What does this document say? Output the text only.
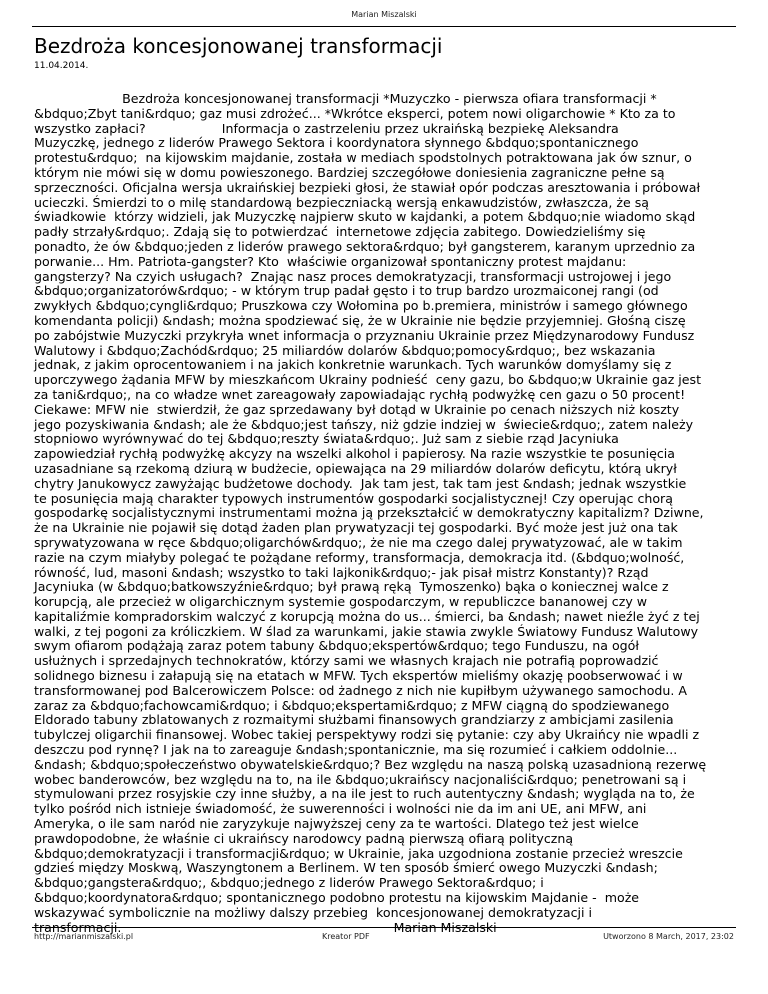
Marian Miszalski
Bezdroża koncesjonowanej transformacji
11.04.2014.
Bezdroża koncesjonowanej transformacji *Muzyczko - pierwsza ofiara transformacji *
&bdquo;Zbyt tani&rdquo; gaz musi zdrożeć... *Wkrótce eksperci, potem nowi oligarchowie * Kto za to
wszystko zapłaci?                   Informacja o zastrzeleniu przez ukraińską bezpiekę Aleksandra
Muzyczkę, jednego z liderów Prawego Sektora i koordynatora słynnego &bdquo;spontanicznego
protestu&rdquo;  na kijowskim majdanie, została w mediach spodstolnych potraktowana jak ów sznur, o
którym nie mówi się w domu powieszonego. Bardziej szczegółowe doniesienia zagraniczne pełne są
sprzeczności. Oficjalna wersja ukraińskiej bezpieki głosi, że stawiał opór podczas aresztowania i próbował
ucieczki. Śmierdzi to o milę standardową bezpieczniacką wersją enkawudzistów, zwłaszcza, że są
świadkowie  którzy widzieli, jak Muzyczkę najpierw skuto w kajdanki, a potem &bdquo;nie wiadomo skąd
padły strzały&rdquo;. Zdają się to potwierdzać  internetowe zdjęcia zabitego. Dowiedzieliśmy się
ponadto, że ów &bdquo;jeden z liderów prawego sektora&rdquo; był gangsterem, karanym uprzednio za
porwanie... Hm. Patriota-gangster? Kto  właściwie organizował spontaniczny protest majdanu:
gangsterzy? Na czyich usługach?  Znając nasz proces demokratyzacji, transformacji ustrojowej i jego
&bdquo;organizatorów&rdquo; - w którym trup padał gęsto i to trup bardzo urozmaiconej rangi (od
zwykłych &bdquo;cyngli&rdquo; Pruszkowa czy Wołomina po b.premiera, ministrów i samego głównego
komendanta policji) &ndash; można spodziewać się, że w Ukrainie nie będzie przyjemniej. Głośną ciszę
po zabójstwie Muzyczki przykryła wnet informacja o przyznaniu Ukrainie przez Międzynarodowy Fundusz
Walutowy i &bdquo;Zachód&rdquo; 25 miliardów dolarów &bdquo;pomocy&rdquo;, bez wskazania
jednak, z jakim oprocentowaniem i na jakich konkretnie warunkach. Tych warunków domyślamy się z
uporczywego żądania MFW by mieszkańcom Ukrainy podnieść  ceny gazu, bo &bdquo;w Ukrainie gaz jest
za tani&rdquo;, na co władze wnet zareagowały zapowiadając rychłą podwyżkę cen gazu o 50 procent!
Ciekawe: MFW nie  stwierdził, że gaz sprzedawany był dotąd w Ukrainie po cenach niższych niż koszty
jego pozyskiwania &ndash; ale że &bdquo;jest tańszy, niż gdzie indziej w  świecie&rdquo;, zatem należy
stopniowo wyrównywać do tej &bdquo;reszty świata&rdquo;. Już sam z siebie rząd Jacyniuka
zapowiedział rychłą podwyżkę akcyzy na wszelki alkohol i papierosy. Na razie wszystkie te posunięcia
uzasadniane są rzekomą dziurą w budżecie, opiewająca na 29 miliardów dolarów deficytu, którą ukrył
chytry Janukowycz zawyżając budżetowe dochody.  Jak tam jest, tak tam jest &ndash; jednak wszystkie
te posunięcia mają charakter typowych instrumentów gospodarki socjalistycznej! Czy operując chorą
gospodarkę socjalistycznymi instrumentami można ją przekształcić w demokratyczny kapitalizm? Dziwne,
że na Ukrainie nie pojawił się dotąd żaden plan prywatyzacji tej gospodarki. Być może jest już ona tak
sprywatyzowana w ręce &bdquo;oligarchów&rdquo;, że nie ma czego dalej prywatyzować, ale w takim
razie na czym miałyby polegać te pożądane reformy, transformacja, demokracja itd. (&bdquo;wolność,
równość, lud, masoni &ndash; wszystko to taki lajkonik&rdquo;- jak pisał mistrz Konstanty)? Rząd
Jacyniuka (w &bdquo;batkowszyźnie&rdquo; był prawą ręką  Tymoszenko) bąka o koniecznej walce z
korupcją, ale przecież w oligarchicznym systemie gospodarczym, w republiczce bananowej czy w
kapitaliźmie kompradorskim walczyć z korupcją można do us... śmierci, ba &ndash; nawet nieźle żyć z tej
walki, z tej pogoni za króliczkiem. W ślad za warunkami, jakie stawia zwykle Światowy Fundusz Walutowy
swym ofiarom podążają zaraz potem tabuny &bdquo;ekspertów&rdquo; tego Funduszu, na ogół
usłużnych i sprzedajnych technokratów, którzy sami we własnych krajach nie potrafią poprowadzić
solidnego biznesu i załapują się na etatach w MFW. Tych ekspertów mieliśmy okazję poobserwować i w
transformowanej pod Balcerowiczem Polsce: od żadnego z nich nie kupiłbym używanego samochodu. A
zaraz za &bdquo;fachowcami&rdquo; i &bdquo;ekspertami&rdquo; z MFW ciągną do spodziewanego
Eldorado tabuny zblatowanych z rozmaitymi służbami finansowych grandziarzy z ambicjami zasilenia
tubylczej oligarchii finansowej. Wobec takiej perspektywy rodzi się pytanie: czy aby Ukraińcy nie wpadli z
deszczu pod rynnę? I jak na to zareaguje &ndash;spontanicznie, ma się rozumieć i całkiem oddolnie...
&ndash; &bdquo;społeczeństwo obywatelskie&rdquo;? Bez względu na naszą polską uzasadnioną rezerwę
wobec banderowców, bez względu na to, na ile &bdquo;ukraińscy nacjonaliści&rdquo; penetrowani są i
stymulowani przez rosyjskie czy inne służby, a na ile jest to ruch autentyczny &ndash; wygląda na to, że
tylko pośród nich istnieje świadomość, że suwerenności i wolności nie da im ani UE, ani MFW, ani
Ameryka, o ile sam naród nie zaryzykuje najwyższej ceny za te wartości. Dlatego też jest wielce
prawdopodobne, że właśnie ci ukraińscy narodowcy padną pierwszą ofiarą polityczną
&bdquo;demokratyzacji i transformacji&rdquo; w Ukrainie, jaka uzgodniona zostanie przecież wreszcie
gdzieś między Moskwą, Waszyngtonem a Berlinem. W ten sposób śmierć owego Muzyczki &ndash;
&bdquo;gangstera&rdquo;, &bdquo;jednego z liderów Prawego Sektora&rdquo; i
&bdquo;koordynatora&rdquo; spontanicznego podobno protestu na kijowskim Majdanie -  może
wskazywać symbolicznie na możliwy dalszy przebieg  koncesjonowanej demokratyzacji i
transformacji.                                                                    Marian Miszalski
http://marianmiszalski.pl	Kreator PDF	Utworzono 8 March, 2017, 23:02
